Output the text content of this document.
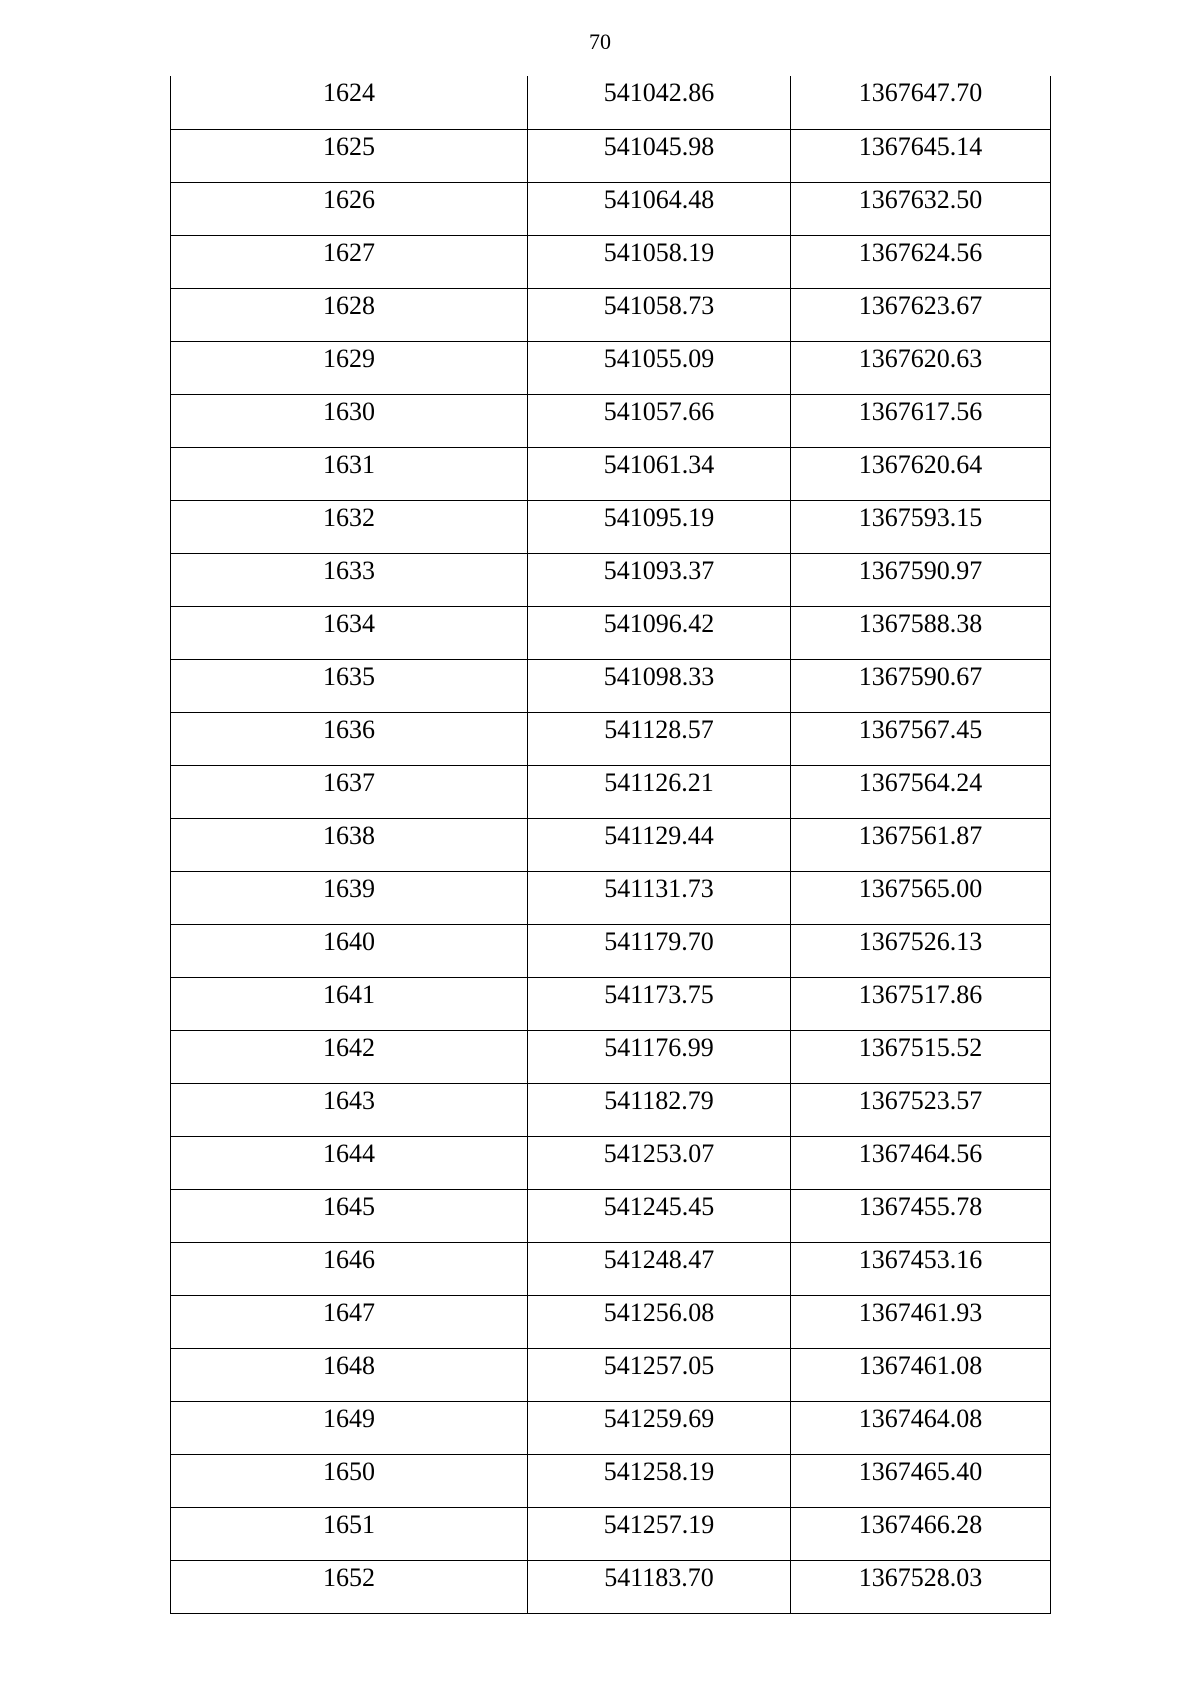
70
1624	541042.86	1367647.70
1625	541045.98	1367645.14
1626	541064.48	1367632.50
1627	541058.19	1367624.56
1628	541058.73	1367623.67
1629	541055.09	1367620.63
1630	541057.66	1367617.56
1631	541061.34	1367620.64
1632	541095.19	1367593.15
1633	541093.37	1367590.97
1634	541096.42	1367588.38
1635	541098.33	1367590.67
1636	541128.57	1367567.45
1637	541126.21	1367564.24
1638	541129.44	1367561.87
1639	541131.73	1367565.00
1640	541179.70	1367526.13
1641	541173.75	1367517.86
1642	541176.99	1367515.52
1643	541182.79	1367523.57
1644	541253.07	1367464.56
1645	541245.45	1367455.78
1646	541248.47	1367453.16
1647	541256.08	1367461.93
1648	541257.05	1367461.08
1649	541259.69	1367464.08
1650	541258.19	1367465.40
1651	541257.19	1367466.28
1652	541183.70	1367528.03
